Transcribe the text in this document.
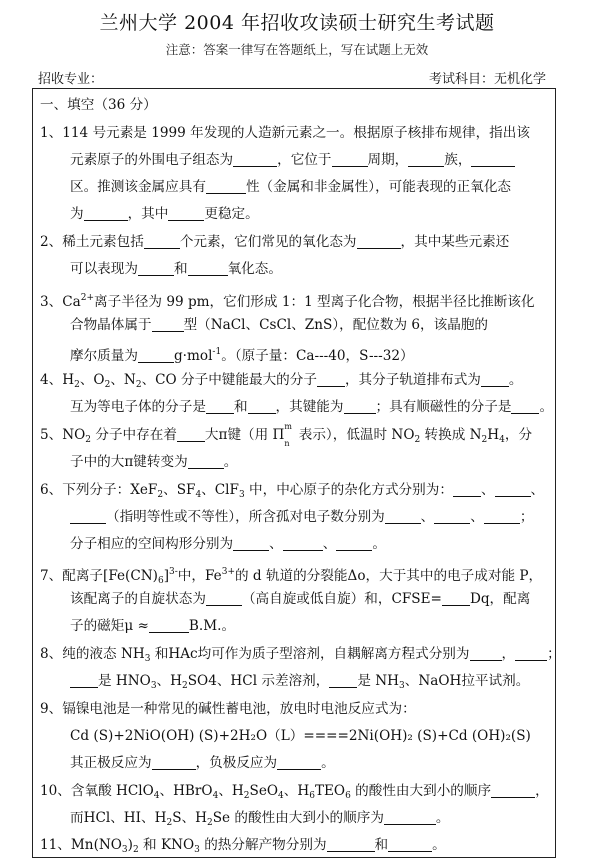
兰州大学 2004 年招收攻读硕士研究生考试题
注意：答案一律写在答题纸上，写在试题上无效
招收专业：	考试科目：无机化学
一、填空（36 分）
1、114 号元素是 1999 年发现的人造新元素之一。根据原子核排布规律，指出该
元素原子的外围电子组态为	，它位于	周期，	族，
区。推测该金属应具有	性（金属和非金属性），可能表现的正氧化态
为	，其中	更稳定。
2、稀土元素包括	个元素，它们常见的氧化态为	，其中某些元素还
可以表现为	和	氧化态。
3、$Ca^{2+}$离子半径为 99 pm，它们形成 1：1 型离子化合物，根据半径比推断该化
合物晶体属于 型（NaCl、CsCl、ZnS），配位数为 6，该晶胞的
摩尔质量为	g·mol$^{-1}$。（原子量：Ca---40，S---32）
4、$H_2$、$O_2$、$N_2$、CO 分子中键能最大的分子 ，其分子轨道排布式为 。
互为等电子体的分子是 和 ，其键能为 ；具有顺磁性的分子是 。
5、$NO_2$ 分子中存在着 大π键（用 Π
m
n
表示），低温时 $NO_2$ 转换成 $N_2H_4$，分
子中的大π键转变为	。
6、下列分子：XeF$_2$、$SF_4$、ClF$_3$ 中，中心原子的杂化方式分别为： 、	、
（指明等性或不等性），所含孤对电子数分别为	、	、	；
分子相应的空间构形分别为	、	、	。
7、配离子$[Fe(CN)_6]^{3-}$中，$Fe^{3+}$的 d 轨道的分裂能Δo，大于其中的电子成对能 P，
该配离子的自旋状态为	（高自旋或低自旋）和，CFSE= Dq，配离
子的磁矩μ ≈	B.M.。
8、纯的液态 $NH_3$ 和HAc均可作为质子型溶剂，自耦解离方程式分别为 ， ；
是 $HNO_3$、$H_2SO4$、HCl 示差溶剂， 是 $NH_3$、NaOH拉平试剂。
9、镉镍电池是一种常见的碱性蓄电池，放电时电池反应式为：
Cd (S)+2NiO(OH) (S)+2H₂O（L）====2Ni(OH)₂ (S)+Cd (OH)₂(S)
其正极反应为	，负极反应为	。
10、含氧酸 HClO$_4$、HBrO$_4$、$H_2SeO_4$、$H_6TEO_6$ 的酸性由大到小的顺序	，
而HCl、HI、$H_2S$、$H_2Se$ 的酸性由大到小的顺序为	。
11、$Mn(NO_3)_2$ 和 $KNO_3$ 的热分解产物分别为	和	。
